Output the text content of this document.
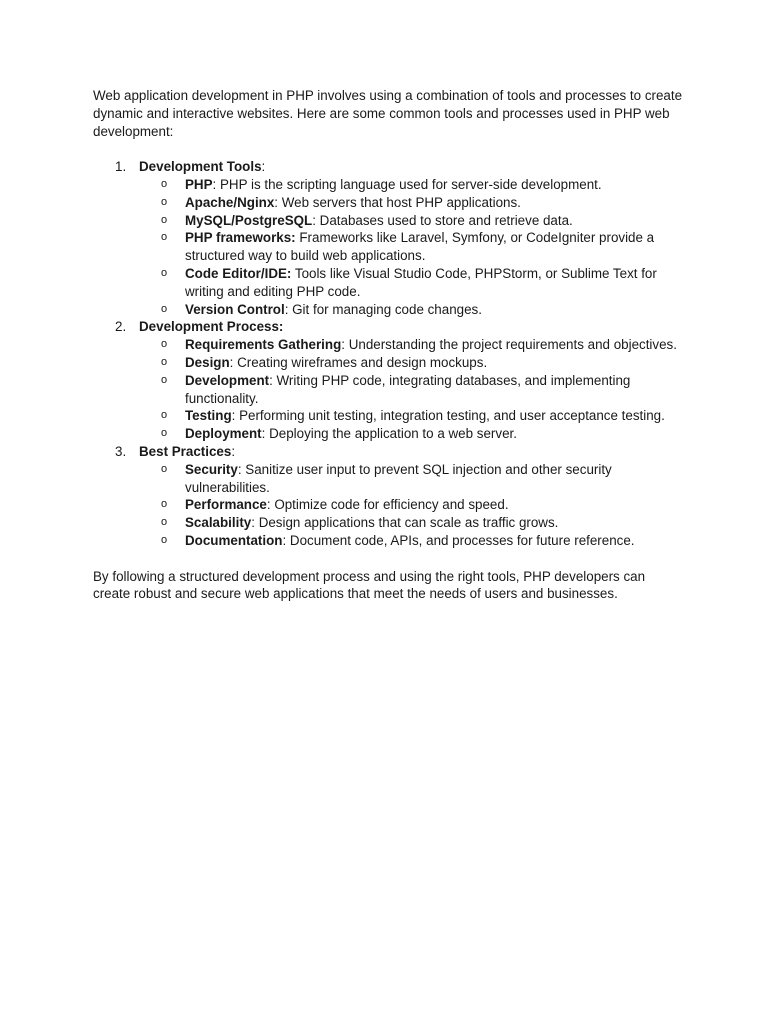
Web application development in PHP involves using a combination of tools and processes to create dynamic and interactive websites. Here are some common tools and processes used in PHP web development:

1. Development Tools:
o PHP: PHP is the scripting language used for server-side development.
o Apache/Nginx: Web servers that host PHP applications.
o MySQL/PostgreSQL: Databases used to store and retrieve data.
o PHP frameworks: Frameworks like Laravel, Symfony, or CodeIgniter provide a structured way to build web applications.
o Code Editor/IDE: Tools like Visual Studio Code, PHPStorm, or Sublime Text for writing and editing PHP code.
o Version Control: Git for managing code changes.
2. Development Process:
o Requirements Gathering: Understanding the project requirements and objectives.
o Design: Creating wireframes and design mockups.
o Development: Writing PHP code, integrating databases, and implementing functionality.
o Testing: Performing unit testing, integration testing, and user acceptance testing.
o Deployment: Deploying the application to a web server.
3. Best Practices:
o Security: Sanitize user input to prevent SQL injection and other security vulnerabilities.
o Performance: Optimize code for efficiency and speed.
o Scalability: Design applications that can scale as traffic grows.
o Documentation: Document code, APIs, and processes for future reference.

By following a structured development process and using the right tools, PHP developers can create robust and secure web applications that meet the needs of users and businesses.
